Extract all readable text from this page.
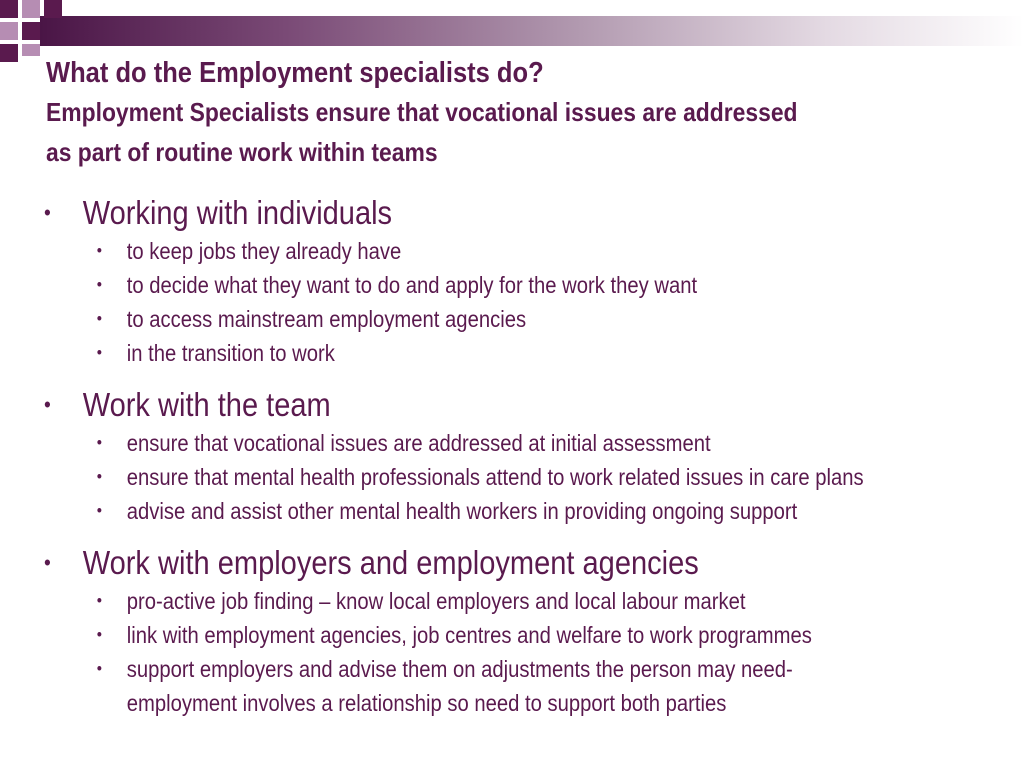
What do the Employment specialists do?
Employment Specialists ensure that vocational issues are addressed
as part of routine work within teams
• Working with individuals
• to keep jobs they already have
• to decide what they want to do and apply for the work they want
• to access mainstream employment agencies
• in the transition to work
• Work with the team
• ensure that vocational issues are addressed at initial assessment
• ensure that mental health professionals attend to work related issues in care plans
• advise and assist other mental health workers in providing ongoing support
• Work with employers and employment agencies
• pro-active job finding – know local employers and local labour market
• link with employment agencies, job centres and welfare to work programmes
• support employers and advise them on adjustments the person may need-
employment involves a relationship so need to support both parties
